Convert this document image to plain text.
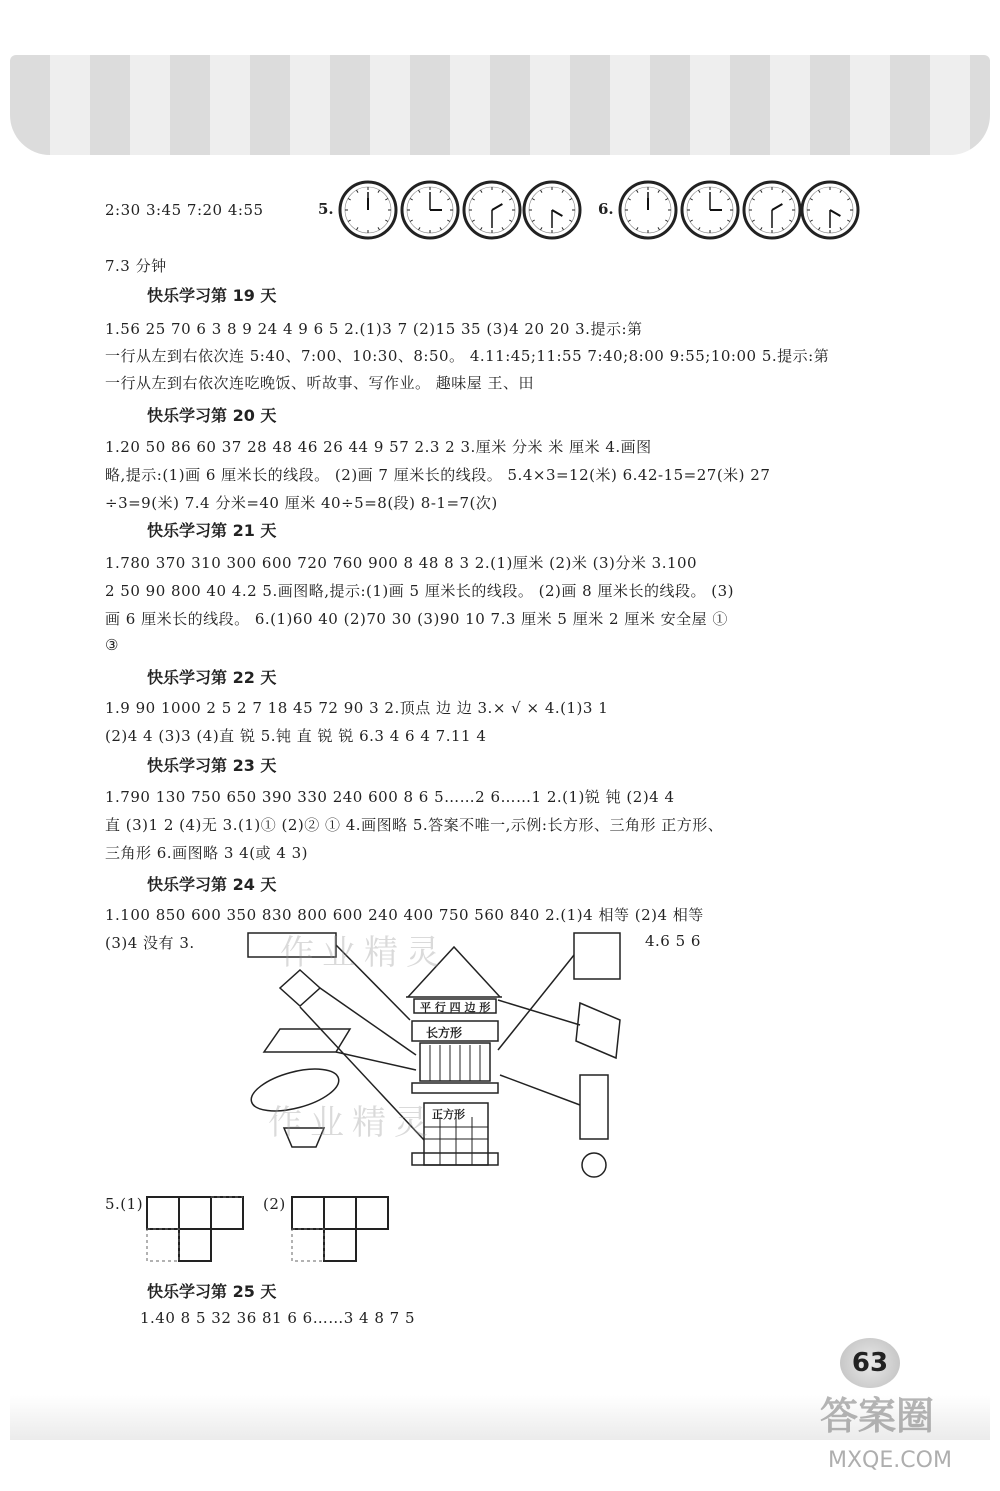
2:30 3:45 7:20 4:55	5.	6.
7.3 分钟
快乐学习第 19 天
1.56 25 70 6 3 8 9 24 4 9 6 5 2.(1)3 7 (2)15 35 (3)4 20 20 3.提示:第
一行从左到右依次连 5:40、7:00、10:30、8:50。 4.11:45;11:55 7:40;8:00 9:55;10:00 5.提示:第
一行从左到右依次连吃晚饭、听故事、写作业。 趣味屋 王、田
快乐学习第 20 天
1.20 50 86 60 37 28 48 46 26 44 9 57 2.3 2 3.厘米 分米 米 厘米 4.画图
略,提示:(1)画 6 厘米长的线段。 (2)画 7 厘米长的线段。 5.4×3=12(米) 6.42-15=27(米) 27
÷3=9(米) 7.4 分米=40 厘米 40÷5=8(段) 8-1=7(次)
快乐学习第 21 天
1.780 370 310 300 600 720 760 900 8 48 8 3 2.(1)厘米 (2)米 (3)分米 3.100
2 50 90 800 40 4.2 5.画图略,提示:(1)画 5 厘米长的线段。 (2)画 8 厘米长的线段。 (3)
画 6 厘米长的线段。 6.(1)60 40 (2)70 30 (3)90 10 7.3 厘米 5 厘米 2 厘米 安全屋 ①
③
快乐学习第 22 天
1.9 90 1000 2 5 2 7 18 45 72 90 3 2.顶点 边 边 3.× √ × 4.(1)3 1
(2)4 4 (3)3 (4)直 锐 5.钝 直 锐 锐 6.3 4 6 4 7.11 4
快乐学习第 23 天
1.790 130 750 650 390 330 240 600 8 6 5……2 6……1 2.(1)锐 钝 (2)4 4
直 (3)1 2 (4)无 3.(1)① (2)② ① 4.画图略 5.答案不唯一,示例:长方形、三角形 正方形、
三角形 6.画图略 3 4(或 4 3)
快乐学习第 24 天
1.100 850 600 350 830 800 600 240 400 750 560 840 2.(1)4 相等 (2)4 相等
(3)4 没有 3.	4.6 5 6
平 行 四 边 形
长方形
正方形
5.(1)	(2)
快乐学习第 25 天
1.40 8 5 32 36 81 6 6……3 4 8 7 5
作业精灵
作业精灵
63
答案圈
MXQE.COM
